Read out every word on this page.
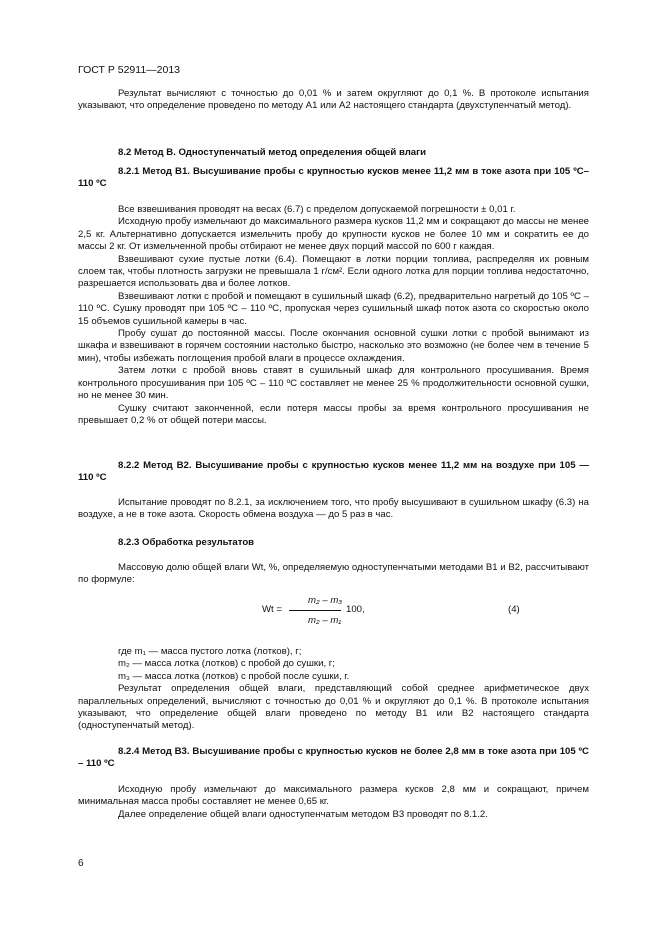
ГОСТ Р 52911—2013

Результат вычисляют с точностью до 0,01 % и затем округляют до 0,1 %. В протоколе испытания указывают, что определение проведено по методу А1 или А2 настоящего стандарта (двухступенчатый метод).

8.2 Метод В. Одноступенчатый метод определения общей влаги

8.2.1 Метод В1. Высушивание пробы с крупностью кусков менее 11,2 мм в токе азота при 105 ºС–110 ºС

Все взвешивания проводят на весах (6.7) с пределом допускаемой погрешности ± 0,01 г.

Исходную пробу измельчают до максимального размера кусков 11,2 мм и сокращают до массы не менее 2,5 кг. Альтернативно допускается измельчить пробу до крупности кусков не более 10 мм и сократить ее до массы 2 кг. От измельченной пробы отбирают не менее двух порций массой по 600 г каждая.

Взвешивают сухие пустые лотки (6.4). Помещают в лотки порции топлива, распределяя их ровным слоем так, чтобы плотность загрузки не превышала 1 г/см². Если одного лотка для порции топлива недостаточно, разрешается использовать два и более лотков.

Взвешивают лотки с пробой и помещают в сушильный шкаф (6.2), предварительно нагретый до 105 ºС – 110 ºС. Сушку проводят при 105 ºС – 110 ºС, пропуская через сушильный шкаф поток азота со скоростью около 15 объемов сушильной камеры в час.

Пробу сушат до постоянной массы. После окончания основной сушки лотки с пробой вынимают из шкафа и взвешивают в горячем состоянии настолько быстро, насколько это возможно (не более чем в течение 5 мин), чтобы избежать поглощения пробой влаги в процессе охлаждения.

Затем лотки с пробой вновь ставят в сушильный шкаф для контрольного просушивания. Время контрольного просушивания при 105 ºС – 110 ºС составляет не менее 25 % продолжительности основной сушки, но не менее 30 мин.

Сушку считают законченной, если потеря массы пробы за время контрольного просушивания не превышает 0,2 % от общей потери массы.

8.2.2 Метод В2. Высушивание пробы с крупностью кусков менее 11,2 мм на воздухе при 105 — 110 ºС

Испытание проводят по 8.2.1, за исключением того, что пробу высушивают в сушильном шкафу (6.3) на воздухе, а не в токе азота. Скорость обмена воздуха — до 5 раз в час.

8.2.3 Обработка результатов

Массовую долю общей влаги Wt, %, определяемую одноступенчатыми методами В1 и В2, рассчитывают по формуле:

Wt =
m₂ – m₃
m₂ – m₁
100,	(4)

где m₁ — масса пустого лотка (лотков), г;

m₂ — масса лотка (лотков) с пробой до сушки, г;

m₃ — масса лотка (лотков) с пробой после сушки, г.

Результат определения общей влаги, представляющий собой среднее арифметическое двух параллельных определений, вычисляют с точностью до 0,01 % и округляют до 0,1 %. В протоколе испытания указывают, что определение общей влаги проведено по методу В1 или В2 настоящего стандарта (одноступенчатый метод).

8.2.4 Метод В3. Высушивание пробы с крупностью кусков не более 2,8 мм в токе азота при 105 ºС – 110 ºС

Исходную пробу измельчают до максимального размера кусков 2,8 мм и сокращают, причем минимальная масса пробы составляет не менее 0,65 кг.

Далее определение общей влаги одноступенчатым методом В3 проводят по 8.1.2.

6
